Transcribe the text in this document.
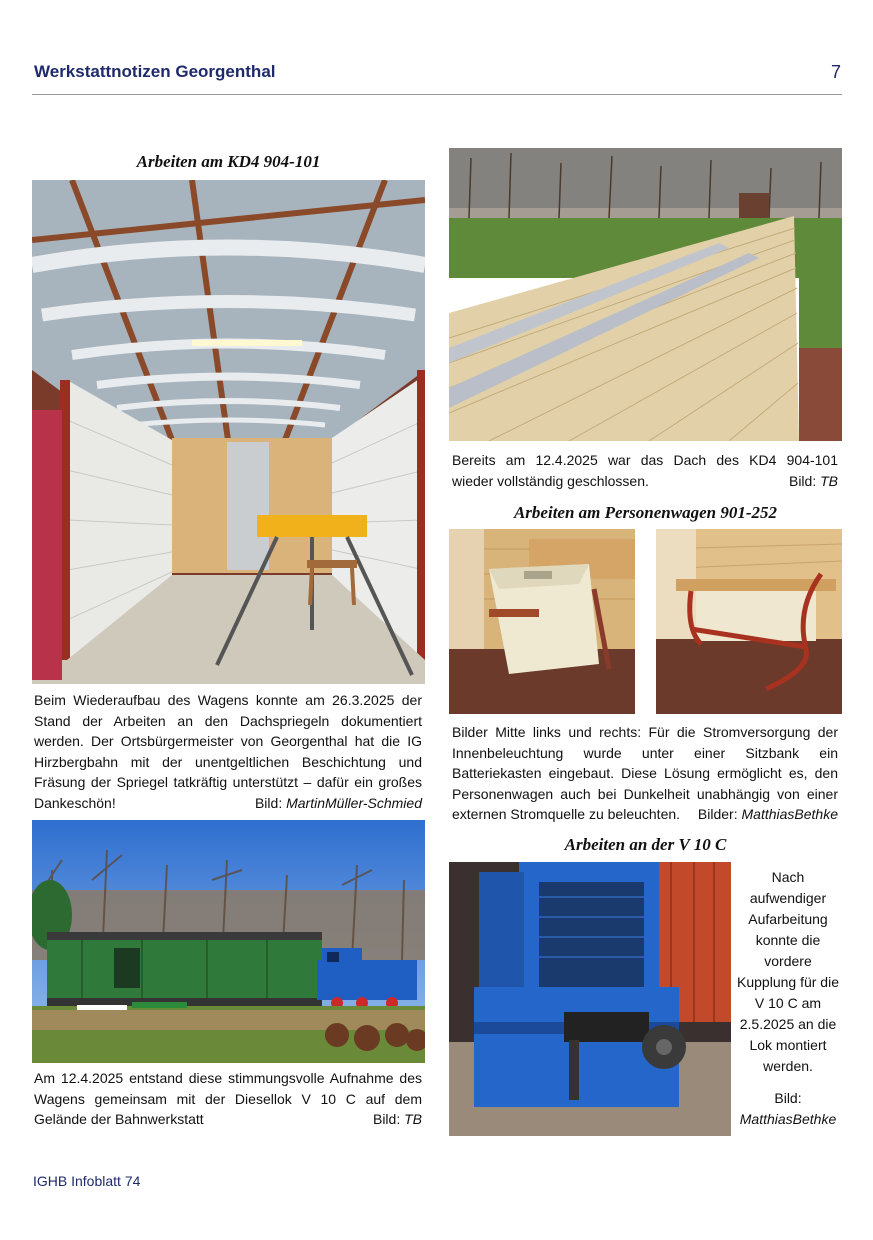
Werkstattnotizen Georgenthal	7
Arbeiten am KD4 904-101
Beim Wiederaufbau des Wagens konnte am 26.3.2025 der Stand der Arbeiten an den Dachspriegeln dokumentiert werden. Der Ortsbürgermeister von Georgenthal hat die IG Hirzbergbahn mit der unentgeltlichen Beschichtung und Fräsung der Spriegel tatkräftig unterstützt – dafür ein großes
Dankeschön!	Bild: MartinMüller-Schmied
Am 12.4.2025 entstand diese stimmungsvolle Aufnahme des Wagens gemeinsam mit der Diesellok V 10 C auf dem
Gelände der Bahnwerkstatt	Bild: TB
Bereits am 12.4.2025 war das Dach des KD4 904-101
wieder vollständig geschlossen.	Bild: TB
Arbeiten am Personenwagen 901-252
Bilder Mitte links und rechts: Für die Stromversorgung der Innenbeleuchtung wurde unter einer Sitzbank ein Batteriekasten eingebaut. Diese Lösung ermöglicht es, den Personenwagen auch bei Dunkelheit unabhängig von einer
externen Stromquelle zu beleuchten. Bilder: MatthiasBethke
Arbeiten an der V 10 C
Nach aufwendiger Aufarbeitung konnte die vordere Kupplung für die V 10 C am 2.5.2025 an die Lok montiert werden.
Bild:
MatthiasBethke
IGHB Infoblatt 74
